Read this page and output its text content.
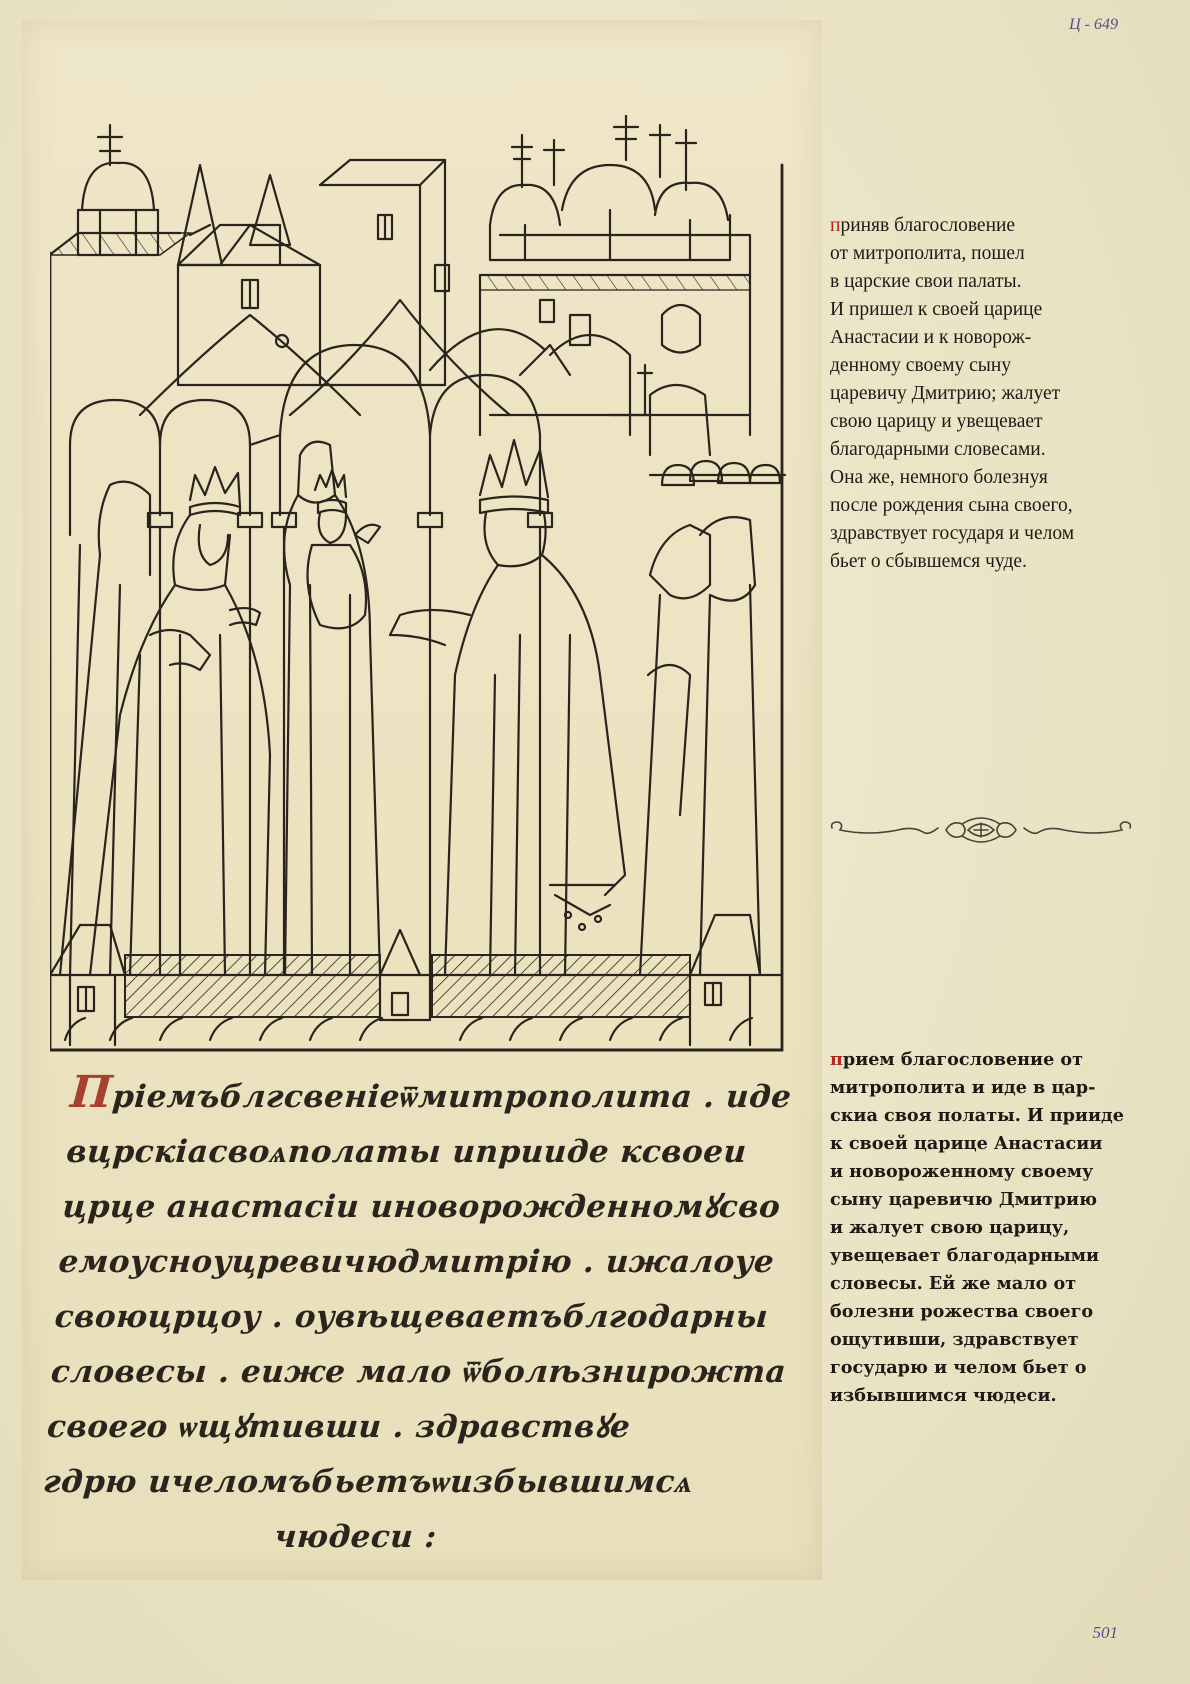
Ц - 649
приняв благословение
от митрополита, пошел
в царские свои палаты.
И пришел к своей царице
Анастасии и к новорож-
денному своему сыну
царевичу Дмитрию; жалует
свою царицу и увещевает
благодарными словесами.
Она же, немного болезнуя
после рождения сына своего,
здравствует государя и челом
бьет о сбывшемся чуде.
прием благословение от
митрополита и иде в цар-
скиа своя полаты. И прииде
к своей царице Анастасии
и новороженному своему
сыну царевичю Дмитрию
и жалует свою царицу,
увещевает благодарными
словесы. Ей же мало от
болезни рожества своего
ощутивши, здравствует
государю и челом бьет о
избывшимся чюдеси.
Прiемъблгсвенiеѿмитрополита . иде
вцрскiасвоѧполаты иприиде ксвоеи
црце анастасiи иноворожденномꙋсво
емоусноуцревичюдмитрiю . ижалоуе
своюцрцоу . оувѣщеваетъблгодарны
словесы . еиже мало ѿболѣзнирожта
своего ѡщꙋтивши . здравствꙋе
гдрю ичеломъбьетъѡизбывшимсѧ
чюдеси :
501
